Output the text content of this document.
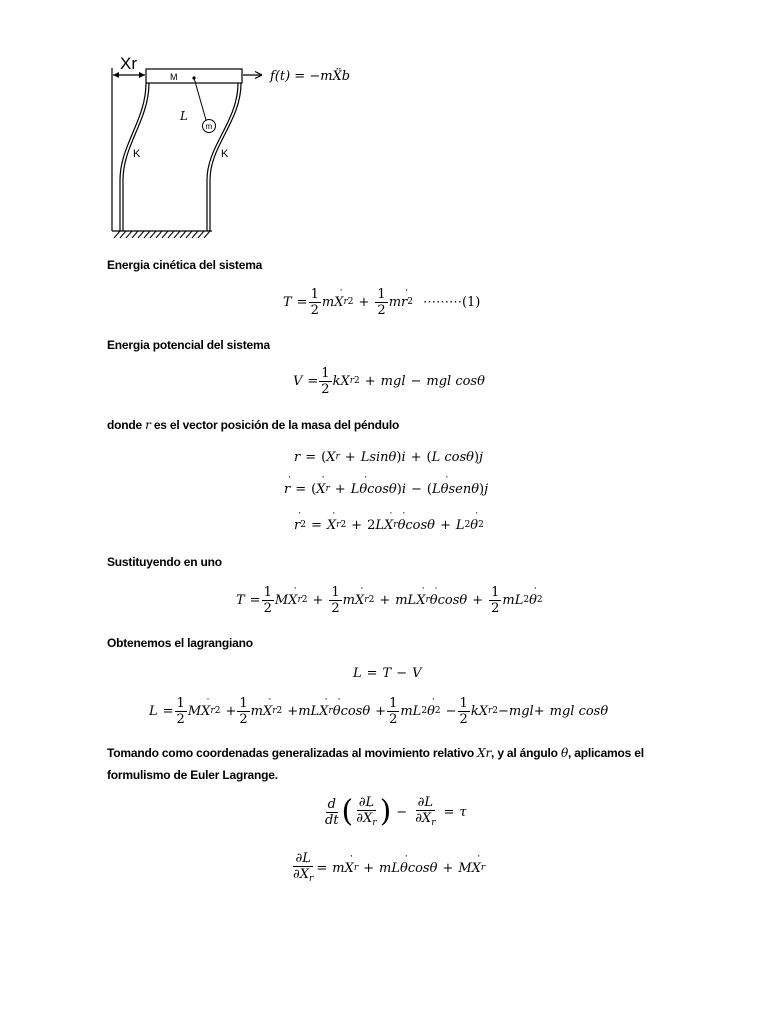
Xr
M
L
m
K	K
f(t) = −mẌb
Energia cinética del sistema
$T = \frac{1}{2}$ m X ˙ r $2 + \frac{1}{2}$ m r ˙ 2 ⋯⋯⋯ (1)
Energia potencial del sistema
$V = \frac{1}{2}$ kX r 2 + mgl − mgl cosθ
donde r es el vector posición de la masa del péndulo
r = ( X r + Lsinθ ) i + ( L cosθ ) j
r ˙ = ( X ˙ r + L θ ˙ cosθ ) i − ( L θ ˙ senθ ) j
r ˙ 2 = X ˙ r 2 + 2 L X ˙ r θ ˙ cosθ + L 2 θ ˙ 2
Sustituyendo en uno
$T = \frac{1}{2}$ M X ˙ r $2 + \frac{1}{2}$ m X ˙ r 2 + mL X ˙ r θ ˙ $\cos\theta + \frac{1}{2}$ mL 2 θ ˙ 2
Obtenemos el lagrangiano
L = T − V
$L = \frac{1}{2}$ M X ˙ r $2 + \frac{1}{2}$ m X ˙ r 2 + mL X ˙ r θ ˙ $\cos\theta + \frac{1}{2}$ mL 2 θ ˙ $2 - \frac{1}{2}$ kX r 2 − mgl + mgl cosθ
Tomando como coordenadas generalizadas al movimiento relativo Xr, y al ángulo θ, aplicamos el
formulismo de Euler Lagrange.
$\frac{d}{dt}$ ( $\frac{\partial L}{\partial X ˙_r}$ ) − $\frac{\partial L}{\partial X_r} = \tau$
$\frac{\partial L}{\partial X ˙_r} = m$ X ˙ r + mL θ ˙ cosθ + M X ˙ r
